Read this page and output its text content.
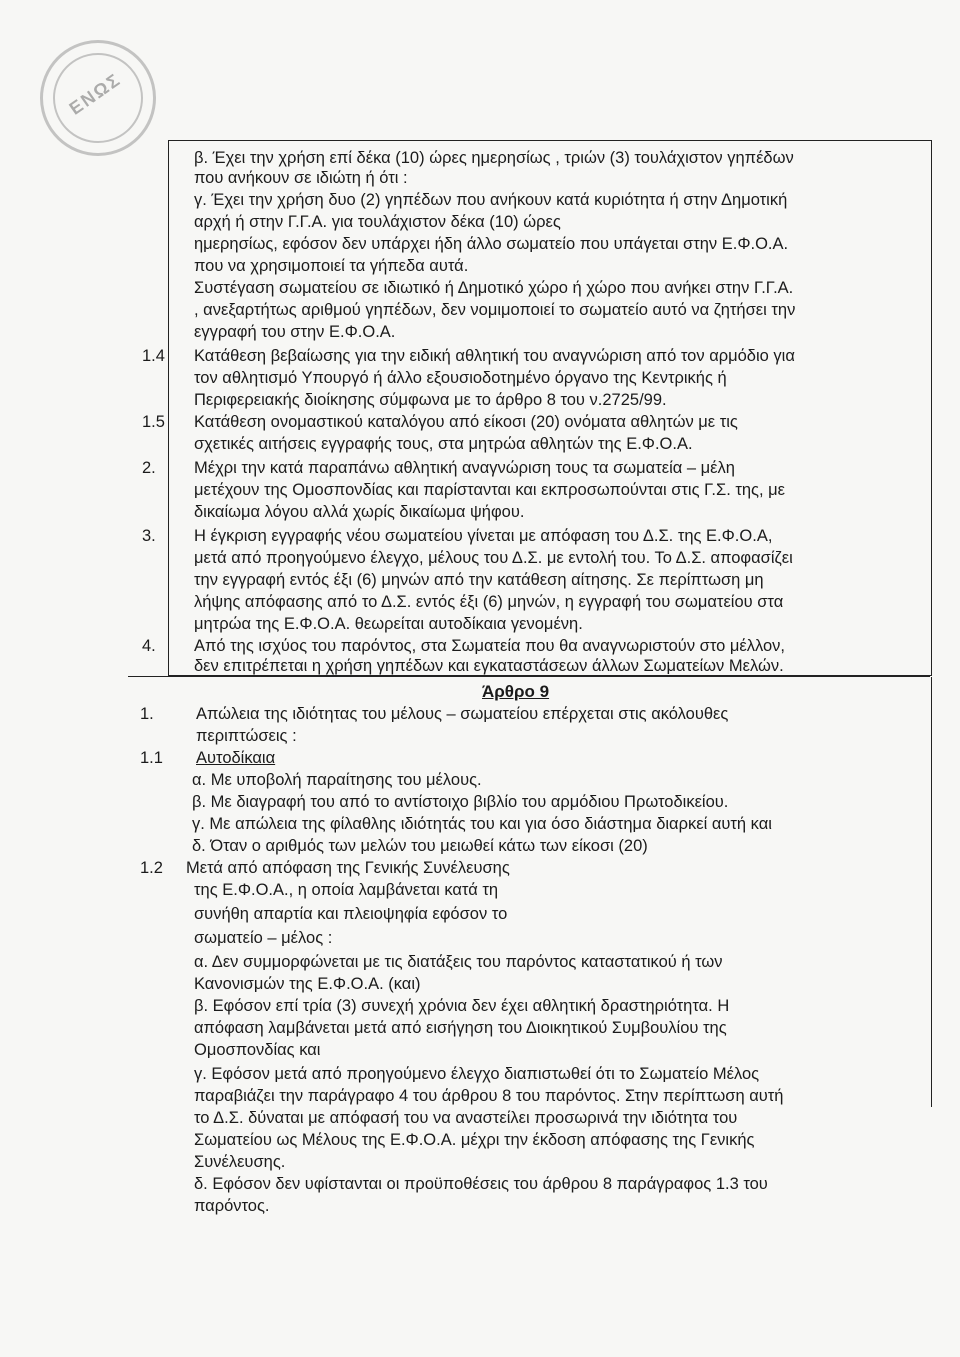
ΕΝΩΣ
β. Έχει την χρήση επί δέκα (10) ώρες ημερησίως , τριών (3) τουλάχιστον γηπέδων
που ανήκουν σε ιδιώτη ή ότι :
γ. Έχει την χρήση δυο (2) γηπέδων που ανήκουν κατά κυριότητα ή στην Δημοτική
αρχή ή στην Γ.Γ.Α. για τουλάχιστον δέκα (10) ώρες
ημερησίως, εφόσον δεν υπάρχει ήδη άλλο σωματείο που υπάγεται στην Ε.Φ.Ο.Α.
που να χρησιμοποιεί τα γήπεδα αυτά.
Συστέγαση σωματείου σε ιδιωτικό ή Δημοτικό χώρο ή χώρο που ανήκει στην Γ.Γ.Α.
, ανεξαρτήτως αριθμού γηπέδων, δεν νομιμοποιεί το σωματείο αυτό να ζητήσει την
εγγραφή του στην Ε.Φ.Ο.Α.
1.4 Κατάθεση βεβαίωσης για την ειδική αθλητική του αναγνώριση από τον αρμόδιο για
τον αθλητισμό Υπουργό ή άλλο εξουσιοδοτημένο όργανο της Κεντρικής ή
Περιφερειακής διοίκησης σύμφωνα με το άρθρο 8 του ν.2725/99.
1.5 Κατάθεση ονομαστικού καταλόγου από είκοσι (20) ονόματα αθλητών με τις
σχετικές αιτήσεις εγγραφής τους, στα μητρώα αθλητών της Ε.Φ.Ο.Α.
2. Μέχρι την κατά παραπάνω αθλητική αναγνώριση τους τα σωματεία – μέλη
μετέχουν της Ομοσπονδίας και παρίστανται και εκπροσωπούνται στις Γ.Σ. της, με
δικαίωμα λόγου αλλά χωρίς δικαίωμα ψήφου.
3. Η έγκριση εγγραφής νέου σωματείου γίνεται με απόφαση του Δ.Σ. της Ε.Φ.Ο.Α,
μετά από προηγούμενο έλεγχο, μέλους του Δ.Σ. με εντολή του. Το Δ.Σ. αποφασίζει
την εγγραφή εντός έξι (6) μηνών από την κατάθεση αίτησης. Σε περίπτωση μη
λήψης απόφασης από το Δ.Σ. εντός έξι (6) μηνών, η εγγραφή του σωματείου στα
μητρώα της Ε.Φ.Ο.Α. θεωρείται αυτοδίκαια γενομένη.
4. Από της ισχύος του παρόντος, στα Σωματεία που θα αναγνωριστούν στο μέλλον,
δεν επιτρέπεται η χρήση γηπέδων και εγκαταστάσεων άλλων Σωματείων Μελών.
Άρθρο 9
1.	Απώλεια της ιδιότητας του μέλους – σωματείου επέρχεται στις ακόλουθες
περιπτώσεις :
1.1 Αυτοδίκαια
α. Με υποβολή παραίτησης του μέλους.
β. Με διαγραφή του από το αντίστοιχο βιβλίο του αρμόδιου Πρωτοδικείου.
γ. Με απώλεια της φίλαθλης ιδιότητάς του και για όσο διάστημα διαρκεί αυτή και
δ. Όταν ο αριθμός των μελών του μειωθεί κάτω των είκοσι (20)
1.2 Μετά από απόφαση της Γενικής Συνέλευσης
της Ε.Φ.Ο.Α., η οποία λαμβάνεται κατά τη
συνήθη απαρτία και πλειοψηφία εφόσον το
σωματείο – μέλος :
α. Δεν συμμορφώνεται με τις διατάξεις του παρόντος καταστατικού ή των
Κανονισμών της Ε.Φ.Ο.Α. (και)
β. Εφόσον επί τρία (3) συνεχή χρόνια δεν έχει αθλητική δραστηριότητα. Η
απόφαση λαμβάνεται μετά από εισήγηση του Διοικητικού Συμβουλίου της
Ομοσπονδίας και
γ. Εφόσον μετά από προηγούμενο έλεγχο διαπιστωθεί ότι το Σωματείο Μέλος
παραβιάζει την παράγραφο 4 του άρθρου 8 του παρόντος. Στην περίπτωση αυτή
το Δ.Σ. δύναται με απόφασή του να αναστείλει προσωρινά την ιδιότητα του
Σωματείου ως Μέλους της Ε.Φ.Ο.Α. μέχρι την έκδοση απόφασης της Γενικής
Συνέλευσης.
δ. Εφόσον δεν υφίστανται οι προϋποθέσεις του άρθρου 8 παράγραφος 1.3 του
παρόντος.
